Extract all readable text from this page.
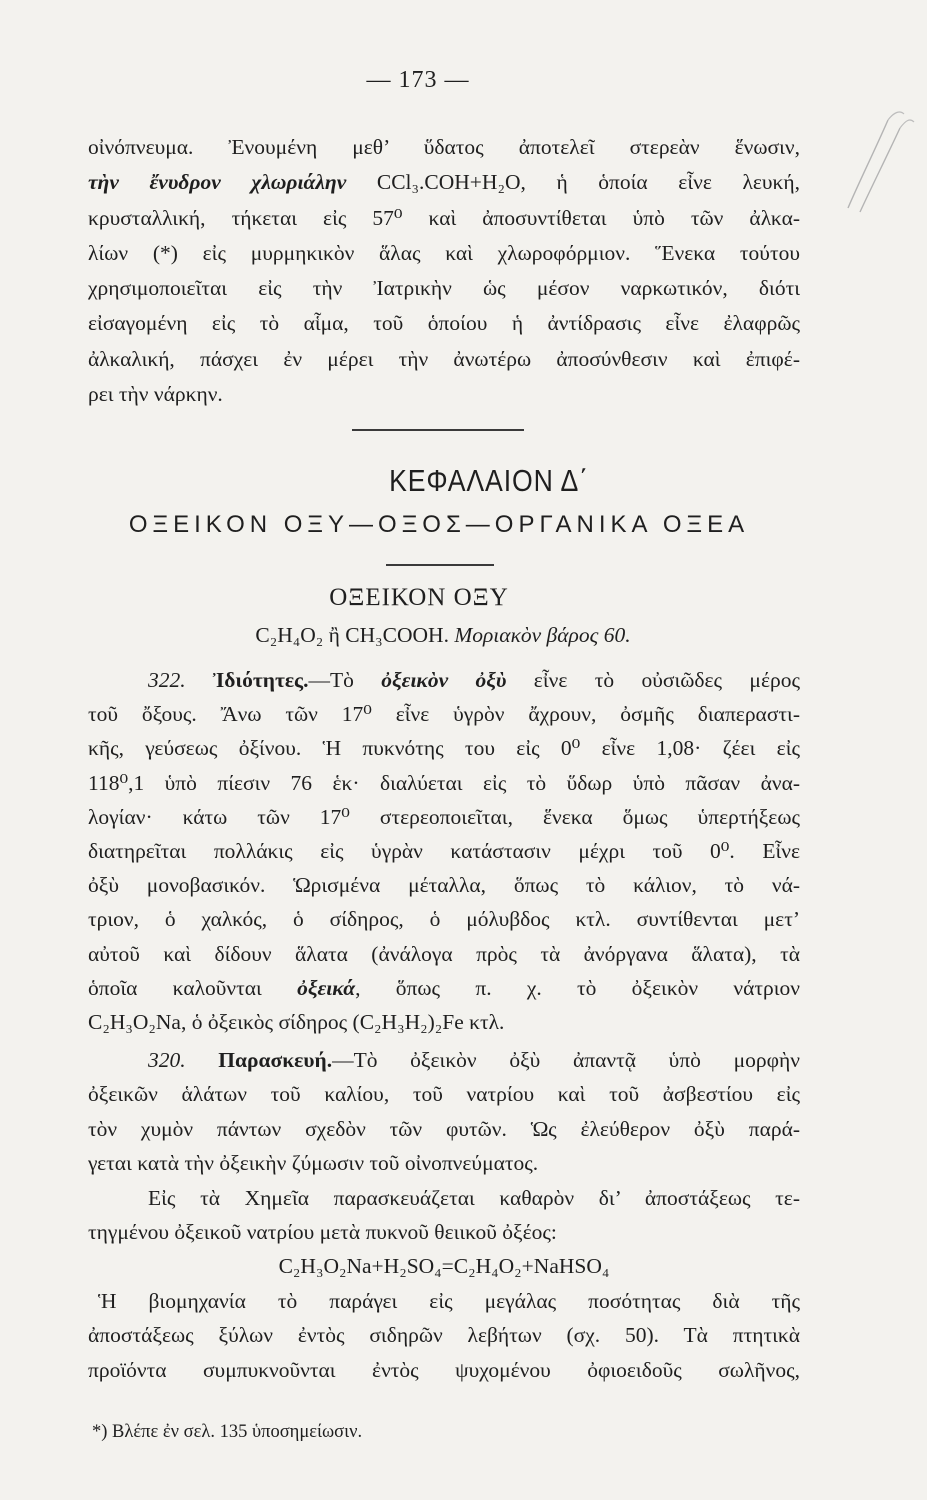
— 173 —
οἰνόπνευμα. Ἐνουμένη μεθ’ ὕδατος ἀποτελεῖ στερεὰν ἕνωσιν,
τὴν ἔνυδρον χλωριάλην CCl₃.COH+H₂O, ἡ ὁποία εἶνε λευκή,
κρυσταλλική, τήκεται εἰς 57⁰ καὶ ἀποσυντίθεται ὑπὸ τῶν ἀλκα-
λίων (*) εἰς μυρμηκικὸν ἅλας καὶ χλωροφόρμιον. Ἕνεκα τούτου
χρησιμοποιεῖται εἰς τὴν Ἰατρικὴν ὡς μέσον ναρκωτικόν, διότι
εἰσαγομένη εἰς τὸ αἷμα, τοῦ ὁποίου ἡ ἀντίδρασις εἶνε ἐλαφρῶς
ἀλκαλική, πάσχει ἐν μέρει τὴν ἀνωτέρω ἀποσύνθεσιν καὶ ἐπιφέ-
ρει τὴν νάρκην.
ΚΕΦΑΛΑΙΟΝ Δ΄
ΟΞΕΙΚΟΝ ΟΞΥ—ΟΞΟΣ—ΟΡΓΑΝΙΚΑ ΟΞΕΑ
ΟΞΕΙΚΟΝ ΟΞΥ
C₂H₄O₂ ἢ CH₃COOH. Μοριακὸν βάρος 60.
322. Ἰδιότητες.—Τὸ ὀξεικὸν ὀξὺ εἶνε τὸ οὐσιῶδες μέρος
τοῦ ὄξους. Ἄνω τῶν 17⁰ εἶνε ὑγρὸν ἄχρουν, ὀσμῆς διαπεραστι-
κῆς, γεύσεως ὀξίνου. Ἡ πυκνότης του εἰς 0⁰ εἶνε 1,08· ζέει εἰς
118⁰,1 ὑπὸ πίεσιν 76 ἑκ· διαλύεται εἰς τὸ ὕδωρ ὑπὸ πᾶσαν ἀνα-
λογίαν· κάτω τῶν 17⁰ στερεοποιεῖται, ἕνεκα ὅμως ὑπερτήξεως
διατηρεῖται πολλάκις εἰς ὑγρὰν κατάστασιν μέχρι τοῦ 0⁰. Εἶνε
ὀξὺ μονοβασικόν. Ὡρισμένα μέταλλα, ὅπως τὸ κάλιον, τὸ νά-
τριον, ὁ χαλκός, ὁ σίδηρος, ὁ μόλυβδος κτλ. συντίθενται μετ’
αὐτοῦ καὶ δίδουν ἅλατα (ἀνάλογα πρὸς τὰ ἀνόργανα ἅλατα), τὰ
ὁποῖα καλοῦνται ὀξεικά, ὅπως π. χ. τὸ ὀξεικὸν νάτριον
C₂H₃O₂Na, ὁ ὀξεικὸς σίδηρος (C₂H₃H₂)₂Fe κτλ.
320. Παρασκευή.—Τὸ ὀξεικὸν ὀξὺ ἀπαντᾷ ὑπὸ μορφὴν
ὀξεικῶν ἁλάτων τοῦ καλίου, τοῦ νατρίου καὶ τοῦ ἀσβεστίου εἰς
τὸν χυμὸν πάντων σχεδὸν τῶν φυτῶν. Ὡς ἐλεύθερον ὀξὺ παρά-
γεται κατὰ τὴν ὀξεικὴν ζύμωσιν τοῦ οἰνοπνεύματος.
Εἰς τὰ Χημεῖα παρασκευάζεται καθαρὸν δι’ ἀποστάξεως τε-
τηγμένου ὀξεικοῦ νατρίου μετὰ πυκνοῦ θειικοῦ ὀξέος:
C₂H₃O₂Na+H₂SO₄=C₂H₄O₂+NaHSO₄
Ἡ βιομηχανία τὸ παράγει εἰς μεγάλας ποσότητας διὰ τῆς
ἀποστάξεως ξύλων ἐντὸς σιδηρῶν λεβήτων (σχ. 50). Τὰ πτητικὰ
προϊόντα συμπυκνοῦνται ἐντὸς ψυχομένου ὀφιοειδοῦς σωλῆνος,
*) Βλέπε ἐν σελ. 135 ὑποσημείωσιν.
